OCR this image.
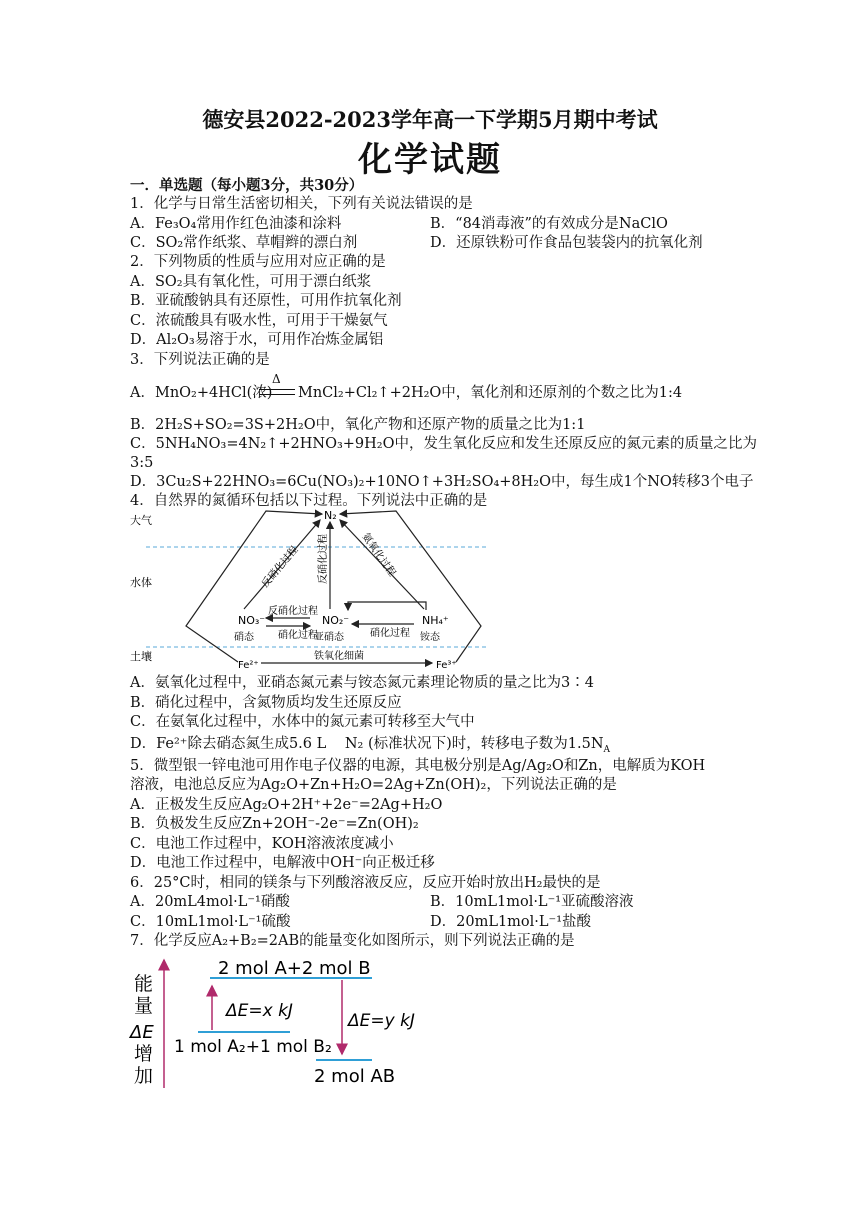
德安县2022-2023学年高一下学期5月期中考试
化学试题
一．单选题（每小题3分，共30分）
1．化学与日常生活密切相关，下列有关说法错误的是
A．Fe₃O₄常用作红色油漆和涂料	B．“84消毒液”的有效成分是NaClO
C．SO₂常作纸浆、草帽辫的漂白剂	D．还原铁粉可作食品包装袋内的抗氧化剂
2．下列物质的性质与应用对应正确的是
A．SO₂具有氧化性，可用于漂白纸浆
B．亚硫酸钠具有还原性，可用作抗氧化剂
C．浓硫酸具有吸水性，可用于干燥氨气
D．Al₂O₃易溶于水，可用作冶炼金属铝
3．下列说法正确的是
A．MnO₂+4HCl(浓)
Δ
MnCl₂+Cl₂↑+2H₂O中，氧化剂和还原剂的个数之比为1:4
B．2H₂S+SO₂=3S+2H₂O中，氧化产物和还原产物的质量之比为1:1
C．5NH₄NO₃=4N₂↑+2HNO₃+9H₂O中，发生氧化反应和发生还原反应的氮元素的质量之比为
3:5
D．3Cu₂S+22HNO₃=6Cu(NO₃)₂+10NO↑+3H₂SO₄+8H₂O中，每生成1个NO转移3个电子
4．自然界的氮循环包括以下过程。下列说法中正确的是
大气
水体
土壤
N₂
反硝化过程 反硝化过程	氨氧化过程
反硝化过程
硝化过程	硝化过程
NO₃⁻
硝态
NO₂⁻
亚硝态
NH₄⁺
铵态
Fe²⁺	Fe³⁺
铁氧化细菌
A．氨氧化过程中，亚硝态氮元素与铵态氮元素理论物质的量之比为3∶4
B．硝化过程中，含氮物质均发生还原反应
C．在氨氧化过程中，水体中的氮元素可转移至大气中
D．Fe²⁺除去硝态氮生成5.6 L N₂ (标准状况下)时，转移电子数为$1.5N_A$
5．微型银一锌电池可用作电子仪器的电源，其电极分别是Ag/Ag₂O和Zn，电解质为KOH
溶液，电池总反应为Ag₂O+Zn+H₂O=2Ag+Zn(OH)₂，下列说法正确的是
A．正极发生反应Ag₂O+2H⁺+2e⁻=2Ag+H₂O
B．负极发生反应Zn+2OH⁻-2e⁻=Zn(OH)₂
C．电池工作过程中，KOH溶液浓度减小
D．电池工作过程中，电解液中OH⁻向正极迁移
6．25°C时，相同的镁条与下列酸溶液反应，反应开始时放出H₂最快的是
A．20mL4mol·L⁻¹硝酸	B．10mL1mol·L⁻¹亚硫酸溶液
C．10mL1mol·L⁻¹硫酸	D．20mL1mol·L⁻¹盐酸
7．化学反应A₂+B₂=2AB的能量变化如图所示，则下列说法正确的是
能
量
ΔE
增
加
2 mol A+2 mol B
1 mol A₂+1 mol B₂
2 mol AB
ΔE=x kJ	ΔE=y kJ
